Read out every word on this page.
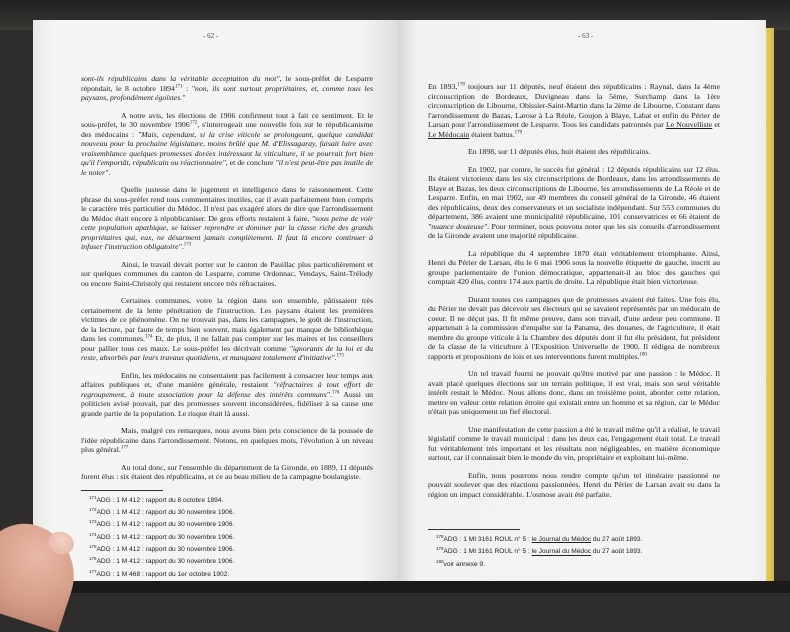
- 62 -
sont-ils républicains dans la véritable acceptation du mot", le sous-préfet de Lesparre répondait, le 8 octobre 1894$^{171}$ : "non, ils sont surtout propriétaires, et, comme tous les paysans, profondément égoïstes."
A notre avis, les élections de 1906 confirment tout à fait ce sentiment. Et le sous-préfet, le 30 novembre 1906$^{172}$, s'interrogeait une nouvelle fois sur le républicanisme des médocains : "Mais, cependant, si la crise viticole se prolongeant, quelque candidat nouveau pour la prochaine législature, moins brûlé que M. d'Elissagaray, faisait luire avec vraisemblance quelques promesses dorées intéressant la viticulture, il se pourrait fort bien qu'il l'emportât, républicain ou réactionnaire", et de conclure "il n'est peut-être pas inutile de le noter".
Quelle justesse dans le jugement et intelligence dans le raisonnement. Cette phrase du sous-préfet rend tous commentaires inutiles, car il avait parfaitement bien compris le caractère très particulier du Médoc. Il n'est pas exagéré alors de dire que l'arrondissement du Médoc était encore à républicaniser. De gros efforts restaient à faire, "sous peine de voir cette population apathique, se laisser reprendre et dominer par la classe riche des grands propriétaires qui, eux, ne désarment jamais complètement. Il faut là encore continuer à infuser l'instruction obligatoire".$^{173}$
Ainsi, le travail devait porter sur le canton de Pauillac plus particulièrement et sur quelques communes du canton de Lesparre, comme Ordonnac, Vendays, Saint-Trélody ou encore Saint-Christoly qui restaient encore très réfractaires.
Certaines communes, voire la région dans son ensemble, pâtissaient très certainement de la lente pénétration de l'instruction. Les paysans étaient les premières victimes de ce phénomène. On ne trouvait pas, dans les campagnes, le goût de l'instruction, de la lecture, par faute de temps bien souvent, mais également par manque de bibliothèque dans les communes.$^{174}$ Et, de plus, il ne fallait pas compter sur les maires et les conseillers pour pallier tous ces maux. Le sous-préfet les décrivait comme "ignorants de la loi et du reste, absorbés par leurs travaux quotidiens, et manquant totalement d'initiative".$^{175}$
Enfin, les médocains ne consentaient pas facilement à consacrer leur temps aux affaires publiques et, d'une manière générale, restaient "réfractaires à tout effort de regroupement, à toute association pour la défense des intérêts communs".$^{176}$ Aussi un politicien avisé pouvait, par des promesses souvent inconsidérées, fidéliser à sa cause une grande partie de la population. Le risque était là aussi.
Mais, malgré ces remarques, nous avons bien pris conscience de la poussée de l'idée républicaine dans l'arrondissement. Notons, en quelques mots, l'évolution à un niveau plus général.$^{177}$
Au total donc, sur l'ensemble du département de la Gironde, en 1889, 11 députés furent élus : six étaient des républicains, et ce au beau milieu de la campagne boulangiste.
$^{171}$ADG : 1 M 412 : rapport du 8 octobre 1894.
$^{172}$ADG : 1 M 412 : rapport du 30 novembre 1906.
$^{173}$ADG : 1 M 412 : rapport du 30 novembre 1906.
$^{174}$ADG : 1 M 412 : rapport du 30 novembre 1906.
$^{175}$ADG : 1 M 412 : rapport du 30 novembre 1906.
$^{176}$ADG : 1 M 412 : rapport du 30 novembre 1906.
$^{177}$ADG : 1 M 468 : rapport du 1er octobre 1902.
- 63 -
En 1893,$^{178}$ toujours sur 11 députés, neuf étaient des républicains : Raynal, dans la 4ème circonscription de Bordeaux, Duvigneau dans la 5ème, Surchamp dans la 1ère circonscription de Libourne, Obissier-Saint-Martin dans la 2ème de Libourne, Constant dans l'arrondissement de Bazas, Larose à La Réole, Goujon à Blaye, Labat et enfin du Périer de Larsan pour l'arrondissement de Lesparre. Tous les candidats patronnés par Le Nouvelliste et Le Médocain étaient battus.$^{179}$
En 1898, sur 11 députés élus, huit étaient des républicains.
En 1902, par contre, le succès fut général : 12 députés républicains sur 12 élus. Ils étaient victorieux dans les six circonscriptions de Bordeaux, dans les arrondissements de Blaye et Bazas, les deux circonscriptions de Libourne, les arrondissements de La Réole et de Lesparre. Enfin, en mai 1902, sur 49 membres du conseil général de la Gironde, 46 étaient des républicains, deux des conservateurs et un socialiste indépendant. Sur 553 communes du département, 386 avaient une municipalité républicaine, 101 conservatrices et 66 étaient de "nuance douteuse". Pour terminer, nous pouvons noter que les six conseils d'arrondissement de la Gironde avaient une majorité républicaine.
La république du 4 septembre 1870 était véritablement triomphante. Ainsi, Henri du Périer de Larsan, élu le 6 mai 1906 sous la nouvelle étiquette de gauche, inscrit au groupe parlementaire de l'union démocratique, appartenait-il au bloc des gauches qui comptait 420 élus, contre 174 aux partis de droite. La république était bien victorieuse.
Durant toutes ces campagnes que de promesses avaient été faites. Une fois élu, du Périer ne devait pas décevoir ses électeurs qui se savaient représentés par un médocain de coeur. Il ne déçut pas. Il fit même preuve, dans son travail, d'une ardeur peu commune. Il appartenait à la commission d'enquête sur la Panama, des douanes, de l'agriculture, il était membre du groupe viticole à la Chambre des députés dont il fut élu président, fut président de la classe de la viticulture à l'Exposition Universelle de 1900. Il rédigea de nombreux rapports et propositions de lois et ses interventions furent multiples.$^{180}$
Un tel travail fourni ne pouvait qu'être motivé par une passion : le Médoc. Il avait placé quelques élections sur un terrain politique, il est vrai, mais son seul véritable intérêt restait le Médoc. Nous allons donc, dans un troisième point, aborder cette relation, mettre en valeur cette relation étroite qui existait entre un homme et sa région, car le Médoc n'était pas uniquement un fief électoral.
Une manifestation de cette passion a été le travail même qu'il a réalisé, le travail législatif comme le travail municipal : dans les deux cas, l'engagement était total. Le travail fut véritablement très important et les résultats non négligeables, en matière économique surtout, car il connaissait bien le monde du vin, propriétaire et exploitant lui-même.
Enfin, nous pourrons nous rendre compte qu'un tel itinéraire passionné ne pouvait soulever que des réactions passionnées. Henri du Périer de Larsan avait eu dans la région un impact considérable. L'osmose avait été parfaite.
$^{178}$ADG : 1 MI 3161 ROUL n° 5 : le Journal du Médoc du 27 août 1893.
$^{179}$ADG : 1 MI 3161 ROUL n° 5 : le Journal du Médoc du 27 août 1893.
$^{180}$voir annexe 9.
